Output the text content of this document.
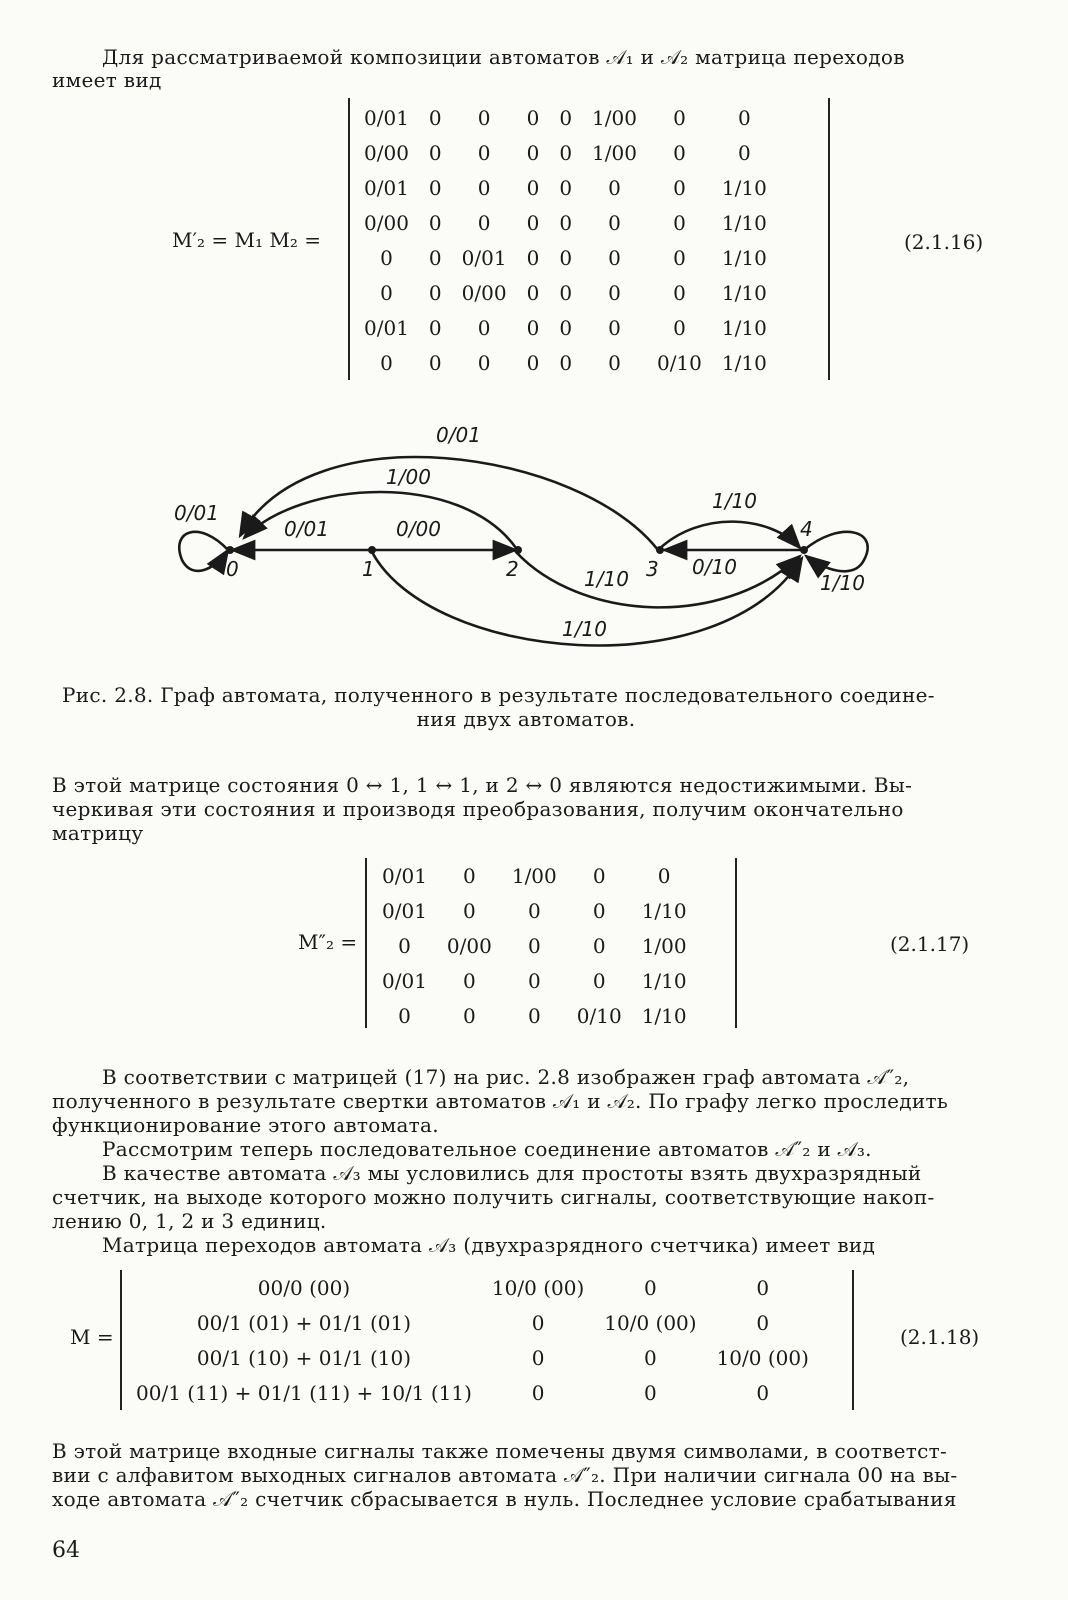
Для рассматриваемой композиции автоматов 𝒜₁ и 𝒜₂ матрица переходов
имеет вид
M′₂ = M₁ M₂ =
0/01	0	0	0	0	1/00	0	0
0/00	0	0	0	0	1/00	0	0
0/01	0	0	0	0	0	0	1/10
0/00	0	0	0	0	0	0	1/10
0	0	0/01	0	0	0	0	1/10
0	0	0/00	0	0	0	0	1/10
0/01	0	0	0	0	0	0	1/10
0	0	0	0	0	0	0/10	1/10
(2.1.16)
0	1	2	3
4
0/01
0/01	0/00
1/00
0/01
1/10
0/10
1/10
1/10
1/10
Рис. 2.8. Граф автомата, полученного в результате последовательного соедине-
ния двух автоматов.
В этой матрице состояния 0 ↔ 1, 1 ↔ 1, и 2 ↔ 0 являются недостижимыми. Вы-
черкивая эти состояния и производя преобразования, получим окончательно
матрицу
M″₂ =
0/01	0	1/00	0	0
0/01	0	0	0	1/10
0	0/00	0	0	1/00
0/01	0	0	0	1/10
0	0	0	0/10	1/10
(2.1.17)
В соответствии с матрицей (17) на рис. 2.8 изображен граф автомата 𝒜″₂,
полученного в результате свертки автоматов 𝒜₁ и 𝒜₂. По графу легко проследить
функционирование этого автомата.
Рассмотрим теперь последовательное соединение автоматов 𝒜″₂ и 𝒜₃.
В качестве автомата 𝒜₃ мы условились для простоты взять двухразрядный
счетчик, на выходе которого можно получить сигналы, соответствующие накоп-
лению 0, 1, 2 и 3 единиц.
Матрица переходов автомата 𝒜₃ (двухразрядного счетчика) имеет вид
M =
00/0 (00)	10/0 (00)	0	0
00/1 (01) + 01/1 (01)	0	10/0 (00)	0
00/1 (10) + 01/1 (10)	0	0	10/0 (00)
00/1 (11) + 01/1 (11) + 10/1 (11)	0	0	0
(2.1.18)
В этой матрице входные сигналы также помечены двумя символами, в соответст-
вии с алфавитом выходных сигналов автомата 𝒜″₂. При наличии сигнала 00 на вы-
ходе автомата 𝒜″₂ счетчик сбрасывается в нуль. Последнее условие срабатывания
64
